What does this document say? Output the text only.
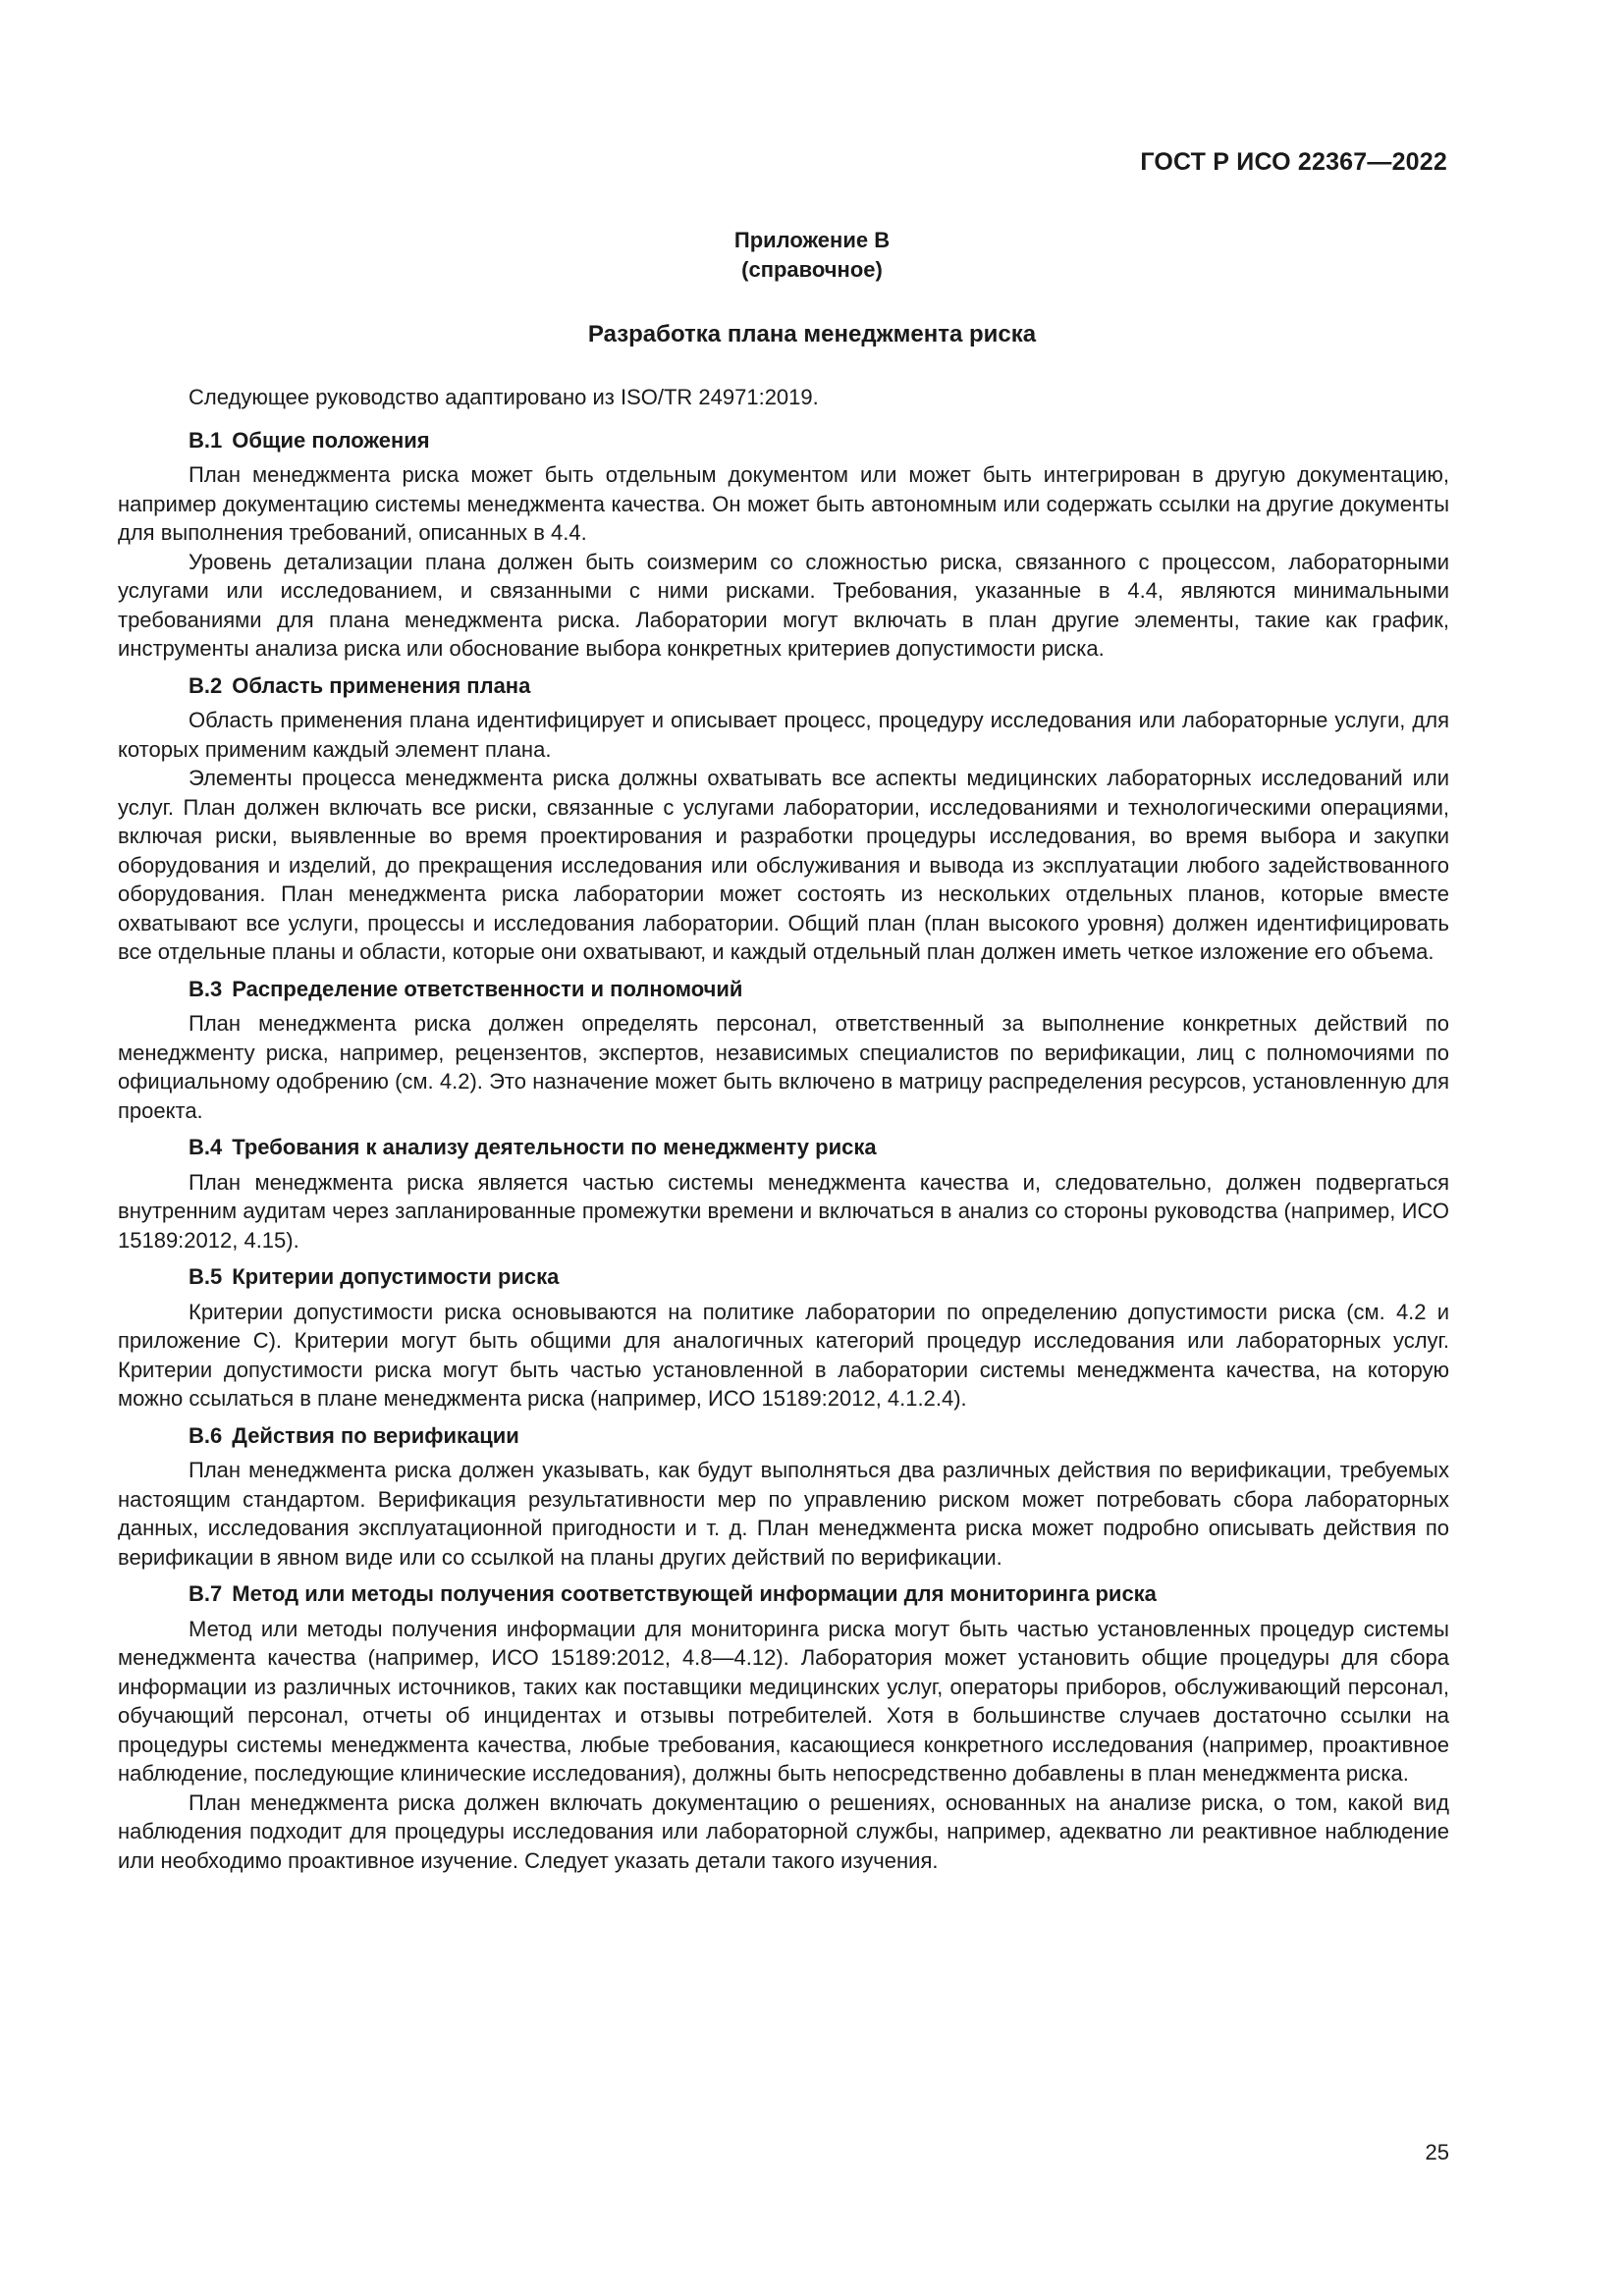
ГОСТ Р ИСО 22367—2022
Приложение В
(справочное)
Разработка плана менеджмента риска

Следующее руководство адаптировано из ISO/TR 24971:2019.

В.1 Общие положения

План менеджмента риска может быть отдельным документом или может быть интегрирован в другую документацию, например документацию системы менеджмента качества. Он может быть автономным или содержать ссылки на другие документы для выполнения требований, описанных в 4.4.

Уровень детализации плана должен быть соизмерим со сложностью риска, связанного с процессом, лабораторными услугами или исследованием, и связанными с ними рисками. Требования, указанные в 4.4, являются минимальными требованиями для плана менеджмента риска. Лаборатории могут включать в план другие элементы, такие как график, инструменты анализа риска или обоснование выбора конкретных критериев допустимости риска.

В.2 Область применения плана

Область применения плана идентифицирует и описывает процесс, процедуру исследования или лабораторные услуги, для которых применим каждый элемент плана.

Элементы процесса менеджмента риска должны охватывать все аспекты медицинских лабораторных исследований или услуг. План должен включать все риски, связанные с услугами лаборатории, исследованиями и технологическими операциями, включая риски, выявленные во время проектирования и разработки процедуры исследования, во время выбора и закупки оборудования и изделий, до прекращения исследования или обслуживания и вывода из эксплуатации любого задействованного оборудования. План менеджмента риска лаборатории может состоять из нескольких отдельных планов, которые вместе охватывают все услуги, процессы и исследования лаборатории. Общий план (план высокого уровня) должен идентифицировать все отдельные планы и области, которые они охватывают, и каждый отдельный план должен иметь четкое изложение его объема.

В.3 Распределение ответственности и полномочий

План менеджмента риска должен определять персонал, ответственный за выполнение конкретных действий по менеджменту риска, например, рецензентов, экспертов, независимых специалистов по верификации, лиц с полномочиями по официальному одобрению (см. 4.2). Это назначение может быть включено в матрицу распределения ресурсов, установленную для проекта.

В.4 Требования к анализу деятельности по менеджменту риска

План менеджмента риска является частью системы менеджмента качества и, следовательно, должен подвергаться внутренним аудитам через запланированные промежутки времени и включаться в анализ со стороны руководства (например, ИСО 15189:2012, 4.15).

В.5 Критерии допустимости риска

Критерии допустимости риска основываются на политике лаборатории по определению допустимости риска (см. 4.2 и приложение С). Критерии могут быть общими для аналогичных категорий процедур исследования или лабораторных услуг. Критерии допустимости риска могут быть частью установленной в лаборатории системы менеджмента качества, на которую можно ссылаться в плане менеджмента риска (например, ИСО 15189:2012, 4.1.2.4).

В.6 Действия по верификации

План менеджмента риска должен указывать, как будут выполняться два различных действия по верификации, требуемых настоящим стандартом. Верификация результативности мер по управлению риском может потребовать сбора лабораторных данных, исследования эксплуатационной пригодности и т. д. План менеджмента риска может подробно описывать действия по верификации в явном виде или со ссылкой на планы других действий по верификации.

В.7 Метод или методы получения соответствующей информации для мониторинга риска

Метод или методы получения информации для мониторинга риска могут быть частью установленных процедур системы менеджмента качества (например, ИСО 15189:2012, 4.8—4.12). Лаборатория может установить общие процедуры для сбора информации из различных источников, таких как поставщики медицинских услуг, операторы приборов, обслуживающий персонал, обучающий персонал, отчеты об инцидентах и отзывы потребителей. Хотя в большинстве случаев достаточно ссылки на процедуры системы менеджмента качества, любые требования, касающиеся конкретного исследования (например, проактивное наблюдение, последующие клинические исследования), должны быть непосредственно добавлены в план менеджмента риска.

План менеджмента риска должен включать документацию о решениях, основанных на анализе риска, о том, какой вид наблюдения подходит для процедуры исследования или лабораторной службы, например, адекватно ли реактивное наблюдение или необходимо проактивное изучение. Следует указать детали такого изучения.

25
